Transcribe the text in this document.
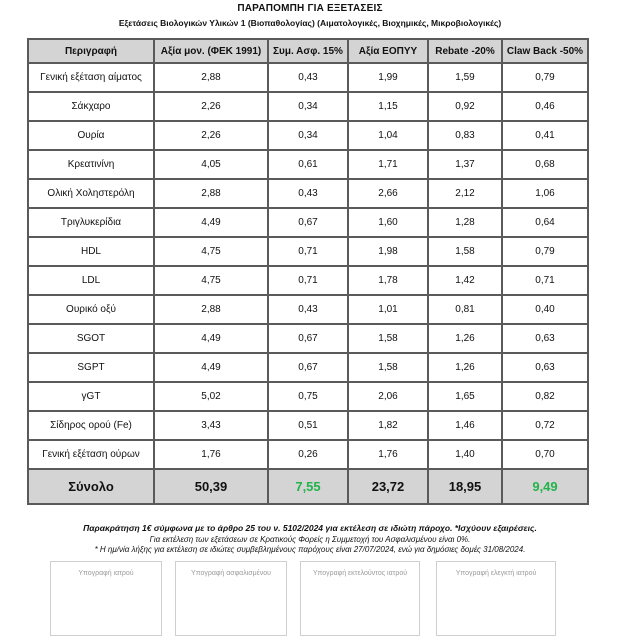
ΠΑΡΑΠΟΜΠΗ ΓΙΑ ΕΞΕΤΑΣΕΙΣ
Εξετάσεις Βιολογικών Υλικών 1 (Βιοπαθολογίας) (Αιματολογικές, Βιοχημικές, Μικροβιολογικές)
Περιγραφή	Αξία μον. (ΦΕΚ 1991)	Συμ. Ασφ. 15%	Αξία ΕΟΠΥΥ	Rebate -20%	Claw Back -50%
Γενική εξέταση αίματος	2,88	0,43	1,99	1,59	0,79
Σάκχαρο	2,26	0,34	1,15	0,92	0,46
Ουρία	2,26	0,34	1,04	0,83	0,41
Κρεατινίνη	4,05	0,61	1,71	1,37	0,68
Ολική Χοληστερόλη	2,88	0,43	2,66	2,12	1,06
Τριγλυκερίδια	4,49	0,67	1,60	1,28	0,64
HDL	4,75	0,71	1,98	1,58	0,79
LDL	4,75	0,71	1,78	1,42	0,71
Ουρικό οξύ	2,88	0,43	1,01	0,81	0,40
SGOT	4,49	0,67	1,58	1,26	0,63
SGPT	4,49	0,67	1,58	1,26	0,63
γGT	5,02	0,75	2,06	1,65	0,82
Σίδηρος ορού (Fe)	3,43	0,51	1,82	1,46	0,72
Γενική εξέταση ούρων	1,76	0,26	1,76	1,40	0,70
Σύνολο	50,39	7,55	23,72	18,95	9,49
Παρακράτηση 1€ σύμφωνα με το άρθρο 25 του ν. 5102/2024 για εκτέλεση σε ιδιώτη πάροχο. *Ισχύουν εξαιρέσεις.
Για εκτέλεση των εξετάσεων σε Κρατικούς Φορείς η Συμμετοχή του Ασφαλισμένου είναι 0%.
* Η ημ/νία λήξης για εκτέλεση σε ιδιώτες συμβεβλημένους παρόχους είναι 27/07/2024, ενώ για δημόσιες δομές 31/08/2024.
Υπογραφή ιατρού	Υπογραφή ασφαλισμένου	Υπογραφή εκτελούντος ιατρού	Υπογραφή ελεγκτή ιατρού
